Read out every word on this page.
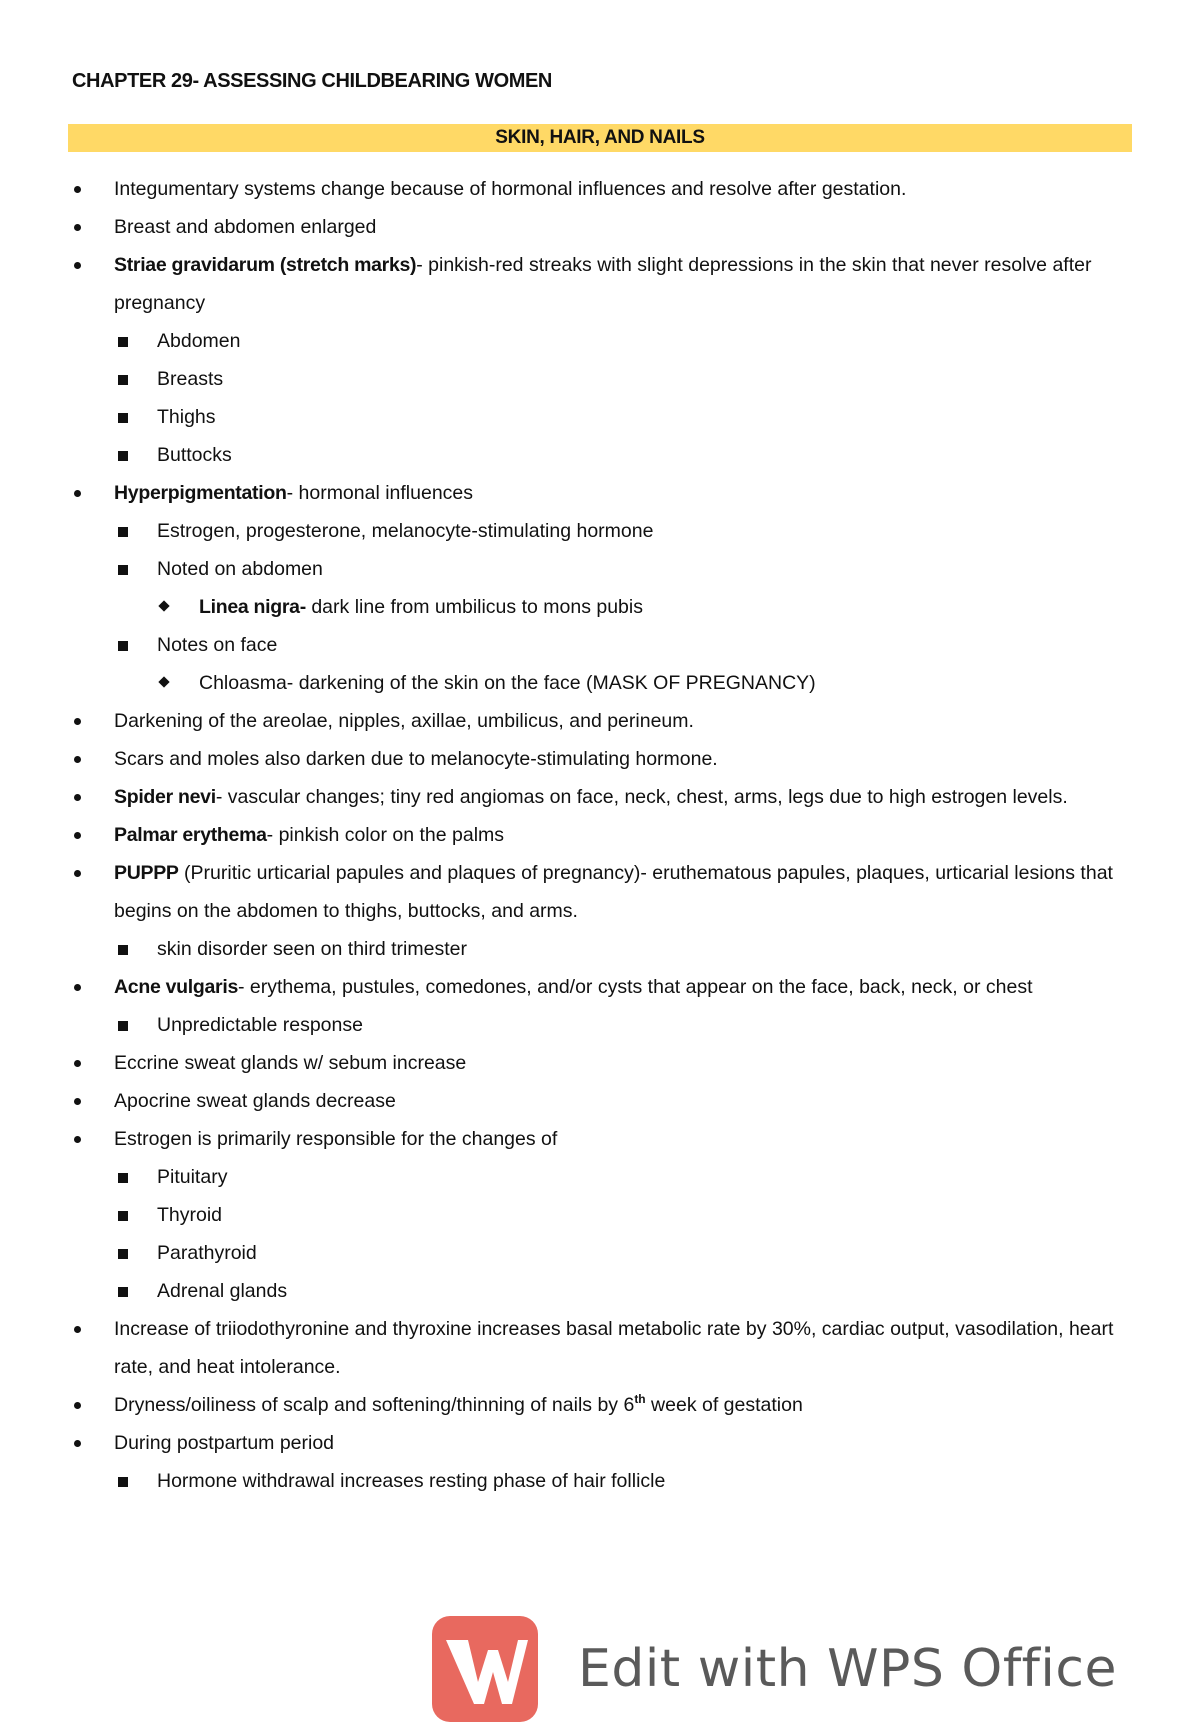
CHAPTER 29- ASSESSING CHILDBEARING WOMEN
SKIN, HAIR, AND NAILS
Integumentary systems change because of hormonal influences and resolve after gestation.
Breast and abdomen enlarged
Striae gravidarum (stretch marks)- pinkish-red streaks with slight depressions in the skin that never resolve after pregnancy
Abdomen
Breasts
Thighs
Buttocks
Hyperpigmentation- hormonal influences
Estrogen, progesterone, melanocyte-stimulating hormone
Noted on abdomen
Linea nigra- dark line from umbilicus to mons pubis
Notes on face
Chloasma- darkening of the skin on the face (MASK OF PREGNANCY)
Darkening of the areolae, nipples, axillae, umbilicus, and perineum.
Scars and moles also darken due to melanocyte-stimulating hormone.
Spider nevi- vascular changes; tiny red angiomas on face, neck, chest, arms, legs due to high estrogen levels.
Palmar erythema- pinkish color on the palms
PUPPP (Pruritic urticarial papules and plaques of pregnancy)- eruthematous papules, plaques, urticarial lesions that begins on the abdomen to thighs, buttocks, and arms.
skin disorder seen on third trimester
Acne vulgaris- erythema, pustules, comedones, and/or cysts that appear on the face, back, neck, or chest
Unpredictable response
Eccrine sweat glands w/ sebum increase
Apocrine sweat glands decrease
Estrogen is primarily responsible for the changes of
Pituitary
Thyroid
Parathyroid
Adrenal glands
Increase of triiodothyronine and thyroxine increases basal metabolic rate by 30%, cardiac output, vasodilation, heart rate, and heat intolerance.
Dryness/oiliness of scalp and softening/thinning of nails by 6th week of gestation
During postpartum period
Hormone withdrawal increases resting phase of hair follicle
Edit with WPS Office
